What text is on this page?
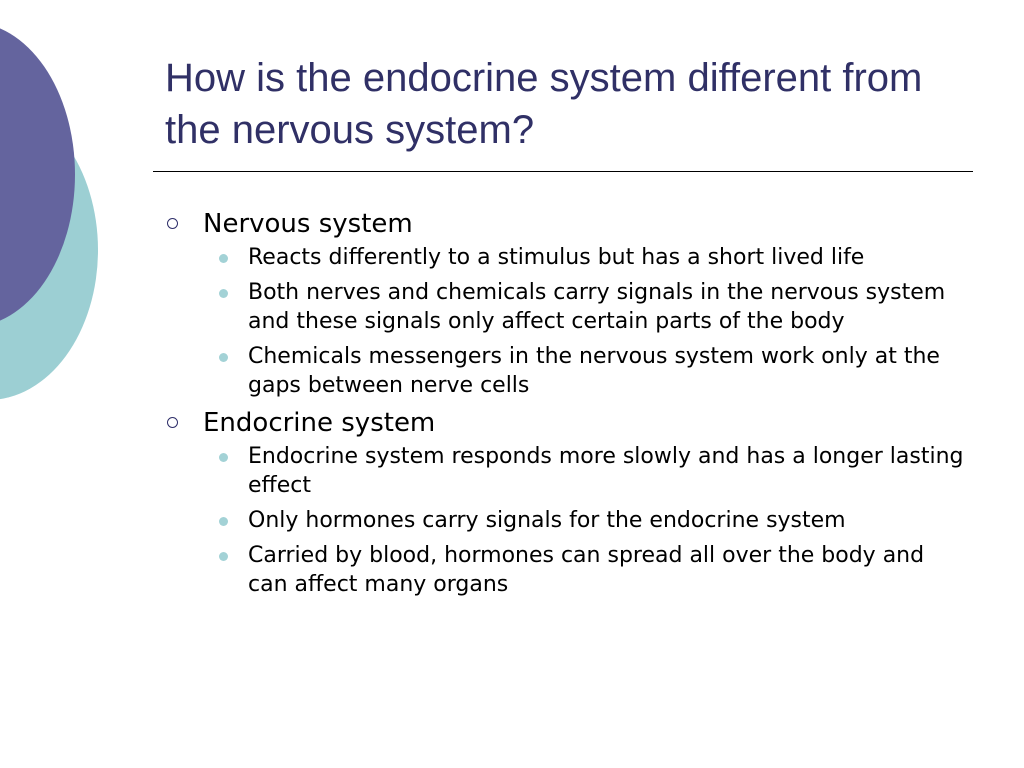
How is the endocrine system different from the nervous system?
Nervous system
Reacts differently to a stimulus but has a short lived life
Both nerves and chemicals carry signals in the nervous system and these signals only affect certain parts of the body
Chemicals messengers in the nervous system work only at the gaps between nerve cells
Endocrine system
Endocrine system responds more slowly and has a longer lasting effect
Only hormones carry signals for the endocrine system
Carried by blood, hormones can spread all over the body and can affect many organs
